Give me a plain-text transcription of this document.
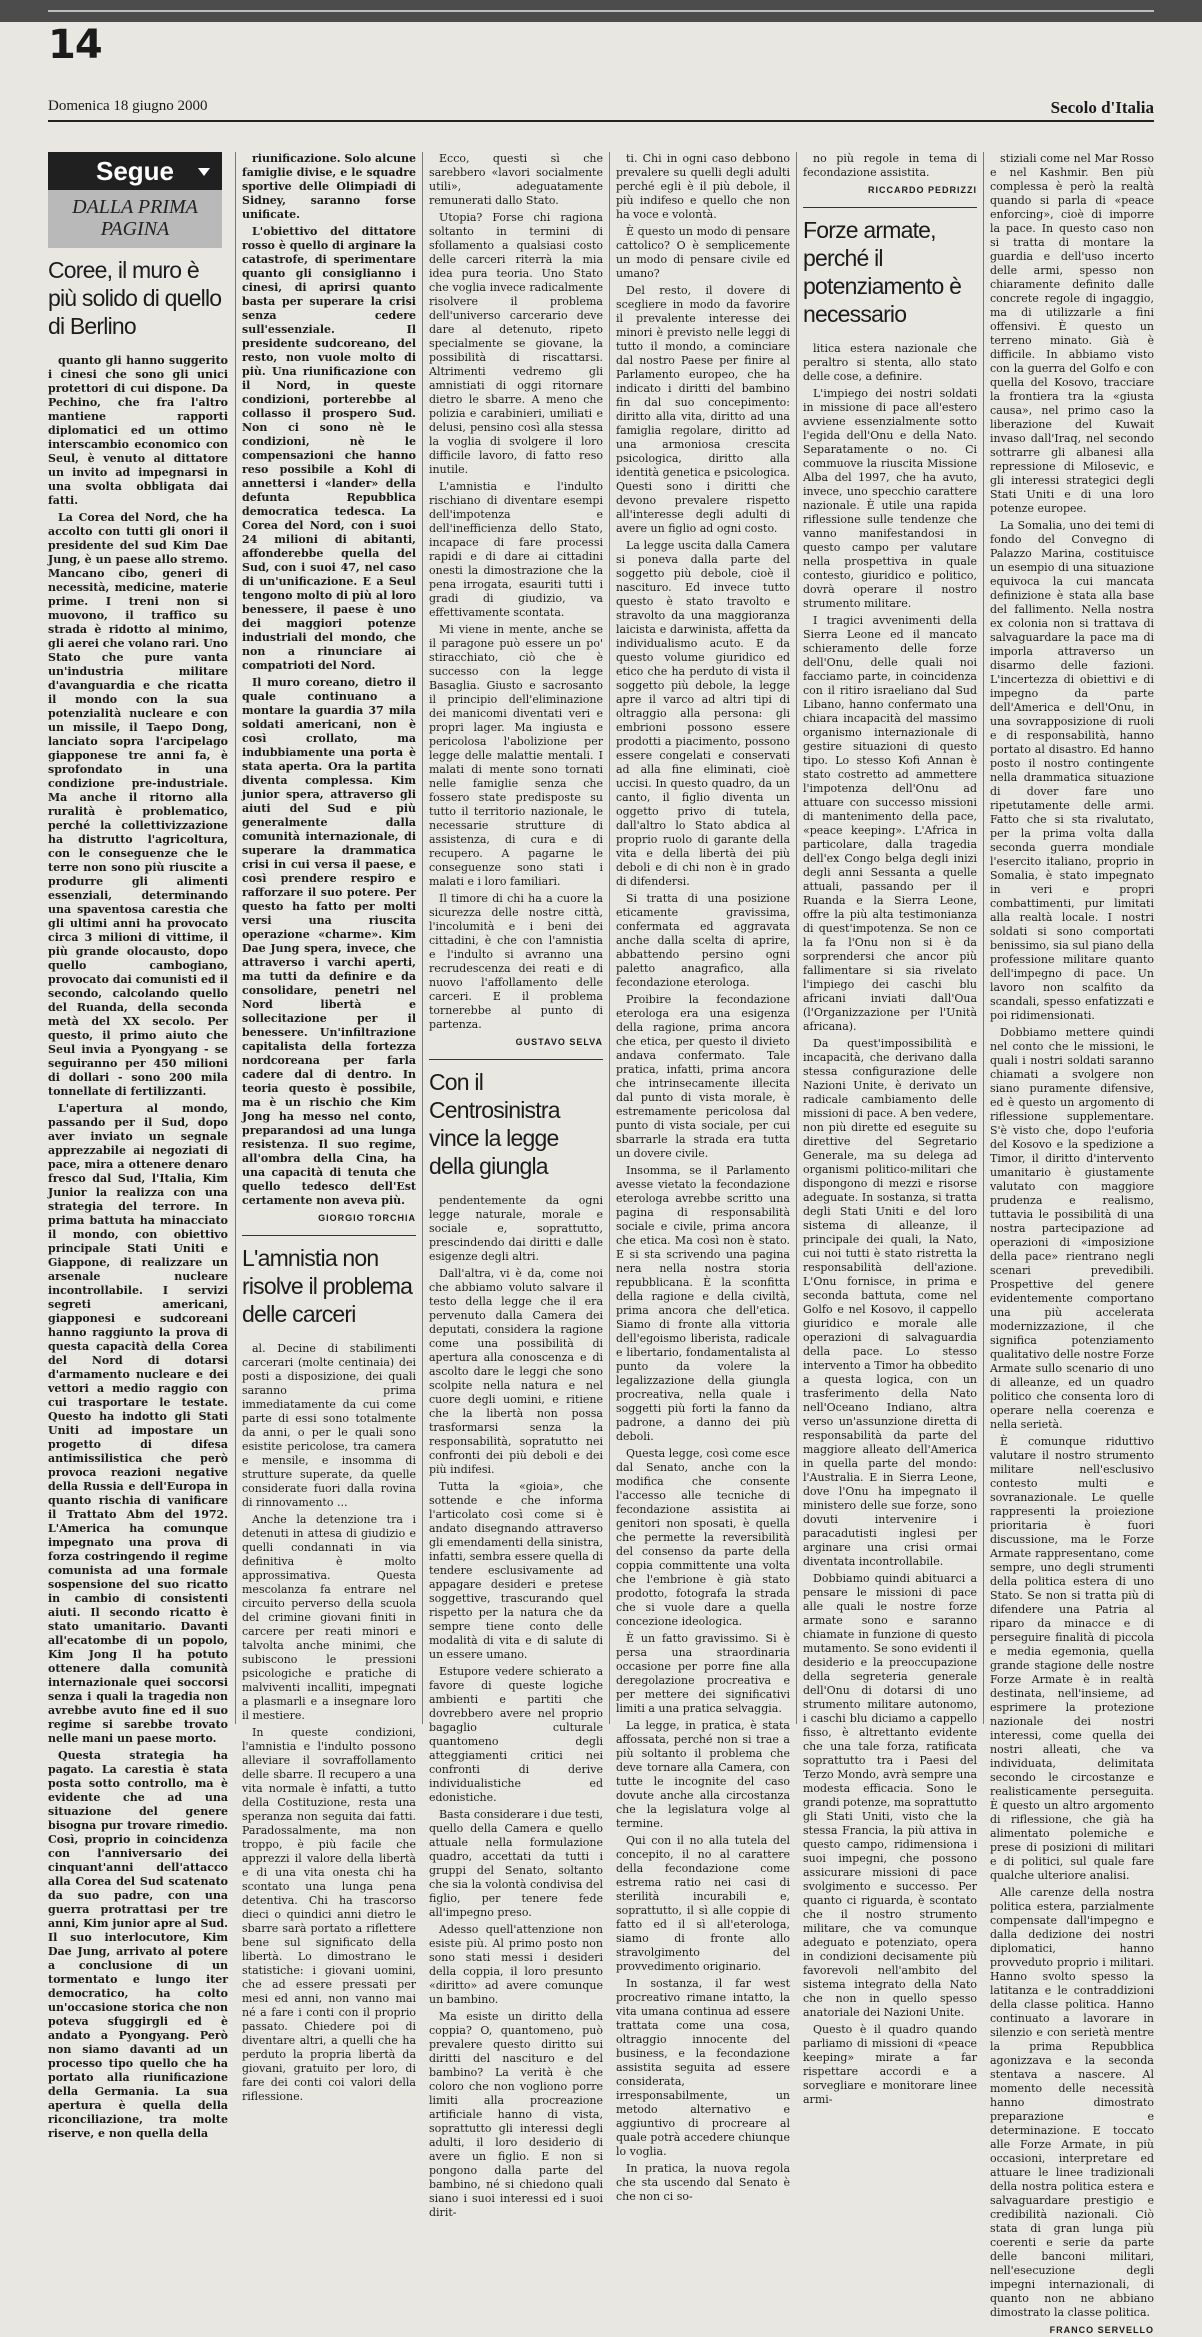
14
Domenica 18 giugno 2000	Secolo d'Italia
Segue
DALLA PRIMA PAGINA
Coree, il muro è più solido di quello di Berlino

quanto gli hanno suggerito i cinesi che sono gli unici protettori di cui dispone. Da Pechino, che fra l'altro mantiene rapporti diplomatici ed un ottimo interscambio economico con Seul, è venuto al dittatore un invito ad impegnarsi in una svolta obbligata dai fatti.

La Corea del Nord, che ha accolto con tutti gli onori il presidente del sud Kim Dae Jung, è un paese allo stremo. Mancano cibo, generi di necessità, medicine, materie prime. I treni non si muovono, il traffico su strada è ridotto al minimo, gli aerei che volano rari. Uno Stato che pure vanta un'industria militare d'avanguardia e che ricatta il mondo con la sua potenzialità nucleare e con un missile, il Taepo Dong, lanciato sopra l'arcipelago giapponese tre anni fa, è sprofondato in una condizione pre-industriale. Ma anche il ritorno alla ruralità è problematico, perché la collettivizzazione ha distrutto l'agricoltura, con le conseguenze che le terre non sono più riuscite a produrre gli alimenti essenziali, determinando una spaventosa carestia che gli ultimi anni ha provocato circa 3 milioni di vittime, il più grande olocausto, dopo quello cambogiano, provocato dai comunisti ed il secondo, calcolando quello del Ruanda, della seconda metà del XX secolo. Per questo, il primo aiuto che Seul invia a Pyongyang - se seguiranno per 450 milioni di dollari - sono 200 mila tonnellate di fertilizzanti.

L'apertura al mondo, passando per il Sud, dopo aver inviato un segnale apprezzabile ai negoziati di pace, mira a ottenere denaro fresco dal Sud, l'Italia, Kim Junior la realizza con una strategia del terrore. In prima battuta ha minacciato il mondo, con obiettivo principale Stati Uniti e Giappone, di realizzare un arsenale nucleare incontrollabile. I servizi segreti americani, giapponesi e sudcoreani hanno raggiunto la prova di questa capacità della Corea del Nord di dotarsi d'armamento nucleare e dei vettori a medio raggio con cui trasportare le testate. Questo ha indotto gli Stati Uniti ad impostare un progetto di difesa antimissilistica che però provoca reazioni negative della Russia e dell'Europa in quanto rischia di vanificare il Trattato Abm del 1972. L'America ha comunque impegnato una prova di forza costringendo il regime comunista ad una formale sospensione del suo ricatto in cambio di consistenti aiuti. Il secondo ricatto è stato umanitario. Davanti all'ecatombe di un popolo, Kim Jong Il ha potuto ottenere dalla comunità internazionale quei soccorsi senza i quali la tragedia non avrebbe avuto fine ed il suo regime si sarebbe trovato nelle mani un paese morto.

Questa strategia ha pagato. La carestia è stata posta sotto controllo, ma è evidente che ad una situazione del genere bisogna pur trovare rimedio. Così, proprio in coincidenza con l'anniversario dei cinquant'anni dell'attacco alla Corea del Sud scatenato da suo padre, con una guerra protrattasi per tre anni, Kim junior apre al Sud. Il suo interlocutore, Kim Dae Jung, arrivato al potere a conclusione di un tormentato e lungo iter democratico, ha colto un'occasione storica che non poteva sfuggirgli ed è andato a Pyongyang. Però non siamo davanti ad un processo tipo quello che ha portato alla riunificazione della Germania. La sua apertura è quella della riconciliazione, tra molte riserve, e non quella della

riunificazione. Solo alcune famiglie divise, e le squadre sportive delle Olimpiadi di Sidney, saranno forse unificate.

L'obiettivo del dittatore rosso è quello di arginare la catastrofe, di sperimentare quanto gli consiglianno i cinesi, di aprirsi quanto basta per superare la crisi senza cedere sull'essenziale. Il presidente sudcoreano, del resto, non vuole molto di più. Una riunificazione con il Nord, in queste condizioni, porterebbe al collasso il prospero Sud. Non ci sono nè le condizioni, nè le compensazioni che hanno reso possibile a Kohl di annettersi i «lander» della defunta Repubblica democratica tedesca. La Corea del Nord, con i suoi 24 milioni di abitanti, affonderebbe quella del Sud, con i suoi 47, nel caso di un'unificazione. E a Seul tengono molto di più al loro benessere, il paese è uno dei maggiori potenze industriali del mondo, che non a rinunciare ai compatrioti del Nord.

Il muro coreano, dietro il quale continuano a montare la guardia 37 mila soldati americani, non è così crollato, ma indubbiamente una porta è stata aperta. Ora la partita diventa complessa. Kim junior spera, attraverso gli aiuti del Sud e più generalmente dalla comunità internazionale, di superare la drammatica crisi in cui versa il paese, e così prendere respiro e rafforzare il suo potere. Per questo ha fatto per molti versi una riuscita operazione «charme». Kim Dae Jung spera, invece, che attraverso i varchi aperti, ma tutti da definire e da consolidare, penetri nel Nord libertà e sollecitazione per il benessere. Un'infiltrazione capitalista della fortezza nordcoreana per farla cadere dal di dentro. In teoria questo è possibile, ma è un rischio che Kim Jong ha messo nel conto, preparandosi ad una lunga resistenza. Il suo regime, all'ombra della Cina, ha una capacità di tenuta che quello tedesco dell'Est certamente non aveva più.

GIORGIO TORCHIA
L'amnistia non risolve il problema delle carceri

al. Decine di stabilimenti carcerari (molte centinaia) dei posti a disposizione, dei quali saranno prima immediatamente da cui come parte di essi sono totalmente da anni, o per le quali sono esistite pericolose, tra camera e mensile, e insomma di strutture superate, da quelle considerate fuori dalla rovina di rinnovamento ...

Anche la detenzione tra i detenuti in attesa di giudizio e quelli condannati in via definitiva è molto approssimativa. Questa mescolanza fa entrare nel circuito perverso della scuola del crimine giovani finiti in carcere per reati minori e talvolta anche minimi, che subiscono le pressioni psicologiche e pratiche di malviventi incalliti, impegnati a plasmarli e a insegnare loro il mestiere.

In queste condizioni, l'amnistia e l'indulto possono alleviare il sovraffollamento delle sbarre. Il recupero a una vita normale è infatti, a tutto della Costituzione, resta una speranza non seguita dai fatti. Paradossalmente, ma non troppo, è più facile che apprezzi il valore della libertà e di una vita onesta chi ha scontato una lunga pena detentiva. Chi ha trascorso dieci o quindici anni dietro le sbarre sarà portato a riflettere bene sul significato della libertà. Lo dimostrano le statistiche: i giovani uomini, che ad essere pressati per mesi ed anni, non vanno mai né a fare i conti con il proprio passato. Chiedere poi di diventare altri, a quelli che ha perduto la propria libertà da giovani, gratuito per loro, di fare dei conti coi valori della riflessione.

Ecco, questi sì che sarebbero «lavori socialmente utili», adeguatamente remunerati dallo Stato.

Utopia? Forse chi ragiona soltanto in termini di sfollamento a qualsiasi costo delle carceri riterrà la mia idea pura teoria. Uno Stato che voglia invece radicalmente risolvere il problema dell'universo carcerario deve dare al detenuto, ripeto specialmente se giovane, la possibilità di riscattarsi. Altrimenti vedremo gli amnistiati di oggi ritornare dietro le sbarre. A meno che polizia e carabinieri, umiliati e delusi, pensino così alla stessa la voglia di svolgere il loro difficile lavoro, di fatto reso inutile.

L'amnistia e l'indulto rischiano di diventare esempi dell'impotenza e dell'inefficienza dello Stato, incapace di fare processi rapidi e di dare ai cittadini onesti la dimostrazione che la pena irrogata, esauriti tutti i gradi di giudizio, va effettivamente scontata.

Mi viene in mente, anche se il paragone può essere un po' stiracchiato, ciò che è successo con la legge Basaglia. Giusto e sacrosanto il principio dell'eliminazione dei manicomi diventati veri e propri lager. Ma ingiusta e pericolosa l'abolizione per legge delle malattie mentali. I malati di mente sono tornati nelle famiglie senza che fossero state predisposte su tutto il territorio nazionale, le necessarie strutture di assistenza, di cura e di recupero. A pagarne le conseguenze sono stati i malati e i loro familiari.

Il timore di chi ha a cuore la sicurezza delle nostre città, l'incolumità e i beni dei cittadini, è che con l'amnistia e l'indulto si avranno una recrudescenza dei reati e di nuovo l'affollamento delle carceri. E il problema tornerebbe al punto di partenza.

GUSTAVO SELVA
Con il Centrosinistra vince la legge della giungla

pendentemente da ogni legge naturale, morale e sociale e, soprattutto, prescindendo dai diritti e dalle esigenze degli altri.

Dall'altra, vi è da, come noi che abbiamo voluto salvare il testo della legge che il era pervenuto dalla Camera dei deputati, considera la ragione come una possibilità di apertura alla conoscenza e di ascolto dare le leggi che sono scolpite nella natura e nel cuore degli uomini, e ritiene che la libertà non possa trasformarsi senza la responsabilità, sopratutto nei confronti dei più deboli e dei più indifesi.

Tutta la «gioia», che sottende e che informa l'articolato così come si è andato disegnando attraverso gli emendamenti della sinistra, infatti, sembra essere quella di tendere esclusivamente ad appagare desideri e pretese soggettive, trascurando quel rispetto per la natura che da sempre tiene conto delle modalità di vita e di salute di un essere umano.

Estupore vedere schierato a favore di queste logiche ambienti e partiti che dovrebbero avere nel proprio bagaglio culturale quantomeno degli atteggiamenti critici nei confronti di derive individualistiche ed edonistiche.

Basta considerare i due testi, quello della Camera e quello attuale nella formulazione quadro, accettati da tutti i gruppi del Senato, soltanto che sia la volontà condivisa del figlio, per tenere fede all'impegno preso.

Adesso quell'attenzione non esiste più. Al primo posto non sono stati messi i desideri della coppia, il loro presunto «diritto» ad avere comunque un bambino.

Ma esiste un diritto della coppia? O, quantomeno, può prevalere questo diritto sui diritti del nascituro e del bambino? La verità è che coloro che non vogliono porre limiti alla procreazione artificiale hanno di vista, soprattutto gli interessi degli adulti, il loro desiderio di avere un figlio. E non si pongono dalla parte del bambino, né si chiedono quali siano i suoi interessi ed i suoi dirit-

ti. Chi in ogni caso debbono prevalere su quelli degli adulti perché egli è il più debole, il più indifeso e quello che non ha voce e volontà.

È questo un modo di pensare cattolico? O è semplicemente un modo di pensare civile ed umano?

Del resto, il dovere di scegliere in modo da favorire il prevalente interesse dei minori è previsto nelle leggi di tutto il mondo, a cominciare dal nostro Paese per finire al Parlamento europeo, che ha indicato i diritti del bambino fin dal suo concepimento: diritto alla vita, diritto ad una famiglia regolare, diritto ad una armoniosa crescita psicologica, diritto alla identità genetica e psicologica. Questi sono i diritti che devono prevalere rispetto all'interesse degli adulti di avere un figlio ad ogni costo.

La legge uscita dalla Camera si poneva dalla parte del soggetto più debole, cioè il nascituro. Ed invece tutto questo è stato travolto e stravolto da una maggioranza laicista e darwinista, affetta da individualismo acuto. E da questo volume giuridico ed etico che ha perduto di vista il soggetto più debole, la legge apre il varco ad altri tipi di oltraggio alla persona: gli embrioni possono essere prodotti a piacimento, possono essere congelati e conservati ad alla fine eliminati, cioè uccisi. In questo quadro, da un canto, il figlio diventa un oggetto privo di tutela, dall'altro lo Stato abdica al proprio ruolo di garante della vita e della libertà dei più deboli e di chi non è in grado di difendersi.

Si tratta di una posizione eticamente gravissima, confermata ed aggravata anche dalla scelta di aprire, abbattendo persino ogni paletto anagrafico, alla fecondazione eterologa.

Proibire la fecondazione eterologa era una esigenza della ragione, prima ancora che etica, per questo il divieto andava confermato. Tale pratica, infatti, prima ancora che intrinsecamente illecita dal punto di vista morale, è estremamente pericolosa dal punto di vista sociale, per cui sbarrarle la strada era tutta un dovere civile.

Insomma, se il Parlamento avesse vietato la fecondazione eterologa avrebbe scritto una pagina di responsabilità sociale e civile, prima ancora che etica. Ma così non è stato. E si sta scrivendo una pagina nera nella nostra storia repubblicana. È la sconfitta della ragione e della civiltà, prima ancora che dell'etica. Siamo di fronte alla vittoria dell'egoismo liberista, radicale e libertario, fondamentalista al punto da volere la legalizzazione della giungla procreativa, nella quale i soggetti più forti la fanno da padrone, a danno dei più deboli.

Questa legge, così come esce dal Senato, anche con la modifica che consente l'accesso alle tecniche di fecondazione assistita ai genitori non sposati, è quella che permette la reversibilità del consenso da parte della coppia committente una volta che l'embrione è già stato prodotto, fotografa la strada che si vuole dare a quella concezione ideologica.

È un fatto gravissimo. Si è persa una straordinaria occasione per porre fine alla deregolazione procreativa e per mettere dei significativi limiti a una pratica selvaggia.

La legge, in pratica, è stata affossata, perché non si trae a più soltanto il problema che deve tornare alla Camera, con tutte le incognite del caso dovute anche alla circostanza che la legislatura volge al termine.

Qui con il no alla tutela del concepito, il no al carattere della fecondazione come estrema ratio nei casi di sterilità incurabili e, soprattutto, il sì alle coppie di fatto ed il sì all'eterologa, siamo di fronte allo stravolgimento del provvedimento originario.

In sostanza, il far west procreativo rimane intatto, la vita umana continua ad essere trattata come una cosa, oltraggio innocente del business, e la fecondazione assistita seguita ad essere considerata, irresponsabilmente, un metodo alternativo e aggiuntivo di procreare al quale potrà accedere chiunque lo voglia.

In pratica, la nuova regola che sta uscendo dal Senato è che non ci so-

no più regole in tema di fecondazione assistita.

RICCARDO PEDRIZZI
Forze armate, perché il potenziamento è necessario

litica estera nazionale che peraltro si stenta, allo stato delle cose, a definire.

L'impiego dei nostri soldati in missione di pace all'estero avviene essenzialmente sotto l'egida dell'Onu e della Nato. Separatamente o no. Ci commuove la riuscita Missione Alba del 1997, che ha avuto, invece, uno specchio carattere nazionale. È utile una rapida riflessione sulle tendenze che vanno manifestandosi in questo campo per valutare nella prospettiva in quale contesto, giuridico e politico, dovrà operare il nostro strumento militare.

I tragici avvenimenti della Sierra Leone ed il mancato schieramento delle forze dell'Onu, delle quali noi facciamo parte, in coincidenza con il ritiro israeliano dal Sud Libano, hanno confermato una chiara incapacità del massimo organismo internazionale di gestire situazioni di questo tipo. Lo stesso Kofi Annan è stato costretto ad ammettere l'impotenza dell'Onu ad attuare con successo missioni di mantenimento della pace, «peace keeping». L'Africa in particolare, dalla tragedia dell'ex Congo belga degli inizi degli anni Sessanta a quelle attuali, passando per il Ruanda e la Sierra Leone, offre la più alta testimonianza di quest'impotenza. Se non ce la fa l'Onu non si è da sorprendersi che ancor più fallimentare si sia rivelato l'impiego dei caschi blu africani inviati dall'Oua (l'Organizzazione per l'Unità africana).

Da quest'impossibilità e incapacità, che derivano dalla stessa configurazione delle Nazioni Unite, è derivato un radicale cambiamento delle missioni di pace. A ben vedere, non più dirette ed eseguite su direttive del Segretario Generale, ma su delega ad organismi politico-militari che dispongono di mezzi e risorse adeguate. In sostanza, si tratta degli Stati Uniti e del loro sistema di alleanze, il principale dei quali, la Nato, cui noi tutti è stato ristretta la responsabilità dell'azione. L'Onu fornisce, in prima e seconda battuta, come nel Golfo e nel Kosovo, il cappello giuridico e morale alle operazioni di salvaguardia della pace. Lo stesso intervento a Timor ha obbedito a questa logica, con un trasferimento della Nato nell'Oceano Indiano, altra verso un'assunzione diretta di responsabilità da parte del maggiore alleato dell'America in quella parte del mondo: l'Australia. E in Sierra Leone, dove l'Onu ha impegnato il ministero delle sue forze, sono dovuti intervenire i paracadutisti inglesi per arginare una crisi ormai diventata incontrollabile.

Dobbiamo quindi abituarci a pensare le missioni di pace alle quali le nostre forze armate sono e saranno chiamate in funzione di questo mutamento. Se sono evidenti il desiderio e la preoccupazione della segreteria generale dell'Onu di dotarsi di uno strumento militare autonomo, i caschi blu diciamo a cappello fisso, è altrettanto evidente che una tale forza, ratificata soprattutto tra i Paesi del Terzo Mondo, avrà sempre una modesta efficacia. Sono le grandi potenze, ma soprattutto gli Stati Uniti, visto che la stessa Francia, la più attiva in questo campo, ridimensiona i suoi impegni, che possono assicurare missioni di pace svolgimento e successo. Per quanto ci riguarda, è scontato che il nostro strumento militare, che va comunque adeguato e potenziato, opera in condizioni decisamente più favorevoli nell'ambito del sistema integrato della Nato che non in quello spesso anatoriale dei Nazioni Unite.

Questo è il quadro quando parliamo di missioni di «peace keeping» mirate a far rispettare accordi e a sorvegliare e monitorare linee armi-

stiziali come nel Mar Rosso e nel Kashmir. Ben più complessa è però la realtà quando si parla di «peace enforcing», cioè di imporre la pace. In questo caso non si tratta di montare la guardia e dell'uso incerto delle armi, spesso non chiaramente definito dalle concrete regole di ingaggio, ma di utilizzarle a fini offensivi. È questo un terreno minato. Già è difficile. In abbiamo visto con la guerra del Golfo e con quella del Kosovo, tracciare la frontiera tra la «giusta causa», nel primo caso la liberazione del Kuwait invaso dall'Iraq, nel secondo sottrarre gli albanesi alla repressione di Milosevic, e gli interessi strategici degli Stati Uniti e di una loro potenze europee.

La Somalia, uno dei temi di fondo del Convegno di Palazzo Marina, costituisce un esempio di una situazione equivoca la cui mancata definizione è stata alla base del fallimento. Nella nostra ex colonia non si trattava di salvaguardare la pace ma di imporla attraverso un disarmo delle fazioni. L'incertezza di obiettivi e di impegno da parte dell'America e dell'Onu, in una sovrapposizione di ruoli e di responsabilità, hanno portato al disastro. Ed hanno posto il nostro contingente nella drammatica situazione di dover fare uno ripetutamente delle armi. Fatto che si sta rivalutato, per la prima volta dalla seconda guerra mondiale l'esercito italiano, proprio in Somalia, è stato impegnato in veri e propri combattimenti, pur limitati alla realtà locale. I nostri soldati si sono comportati benissimo, sia sul piano della professione militare quanto dell'impegno di pace. Un lavoro non scalfito da scandali, spesso enfatizzati e poi ridimensionati.

Dobbiamo mettere quindi nel conto che le missioni, le quali i nostri soldati saranno chiamati a svolgere non siano puramente difensive, ed è questo un argomento di riflessione supplementare. S'è visto che, dopo l'euforia del Kosovo e la spedizione a Timor, il diritto d'intervento umanitario è giustamente valutato con maggiore prudenza e realismo, tuttavia le possibilità di una nostra partecipazione ad operazioni di «imposizione della pace» rientrano negli scenari prevedibili. Prospettive del genere evidentemente comportano una più accelerata modernizzazione, il che significa potenziamento qualitativo delle nostre Forze Armate sullo scenario di uno di alleanze, ed un quadro politico che consenta loro di operare nella coerenza e nella serietà.

È comunque riduttivo valutare il nostro strumento militare nell'esclusivo contesto multi e sovranazionale. Le quelle rappresenti la proiezione prioritaria è fuori discussione, ma le Forze Armate rappresentano, come sempre, uno degli strumenti della politica estera di uno Stato. Se non si tratta più di difendere una Patria al riparo da minacce e di perseguire finalità di piccola e media egemonia, quella grande stagione delle nostre Forze Armate è in realtà destinata, nell'insieme, ad esprimere la protezione nazionale dei nostri interessi, come quella dei nostri alleati, che va individuata, delimitata secondo le circostanze e realisticamente perseguita. È questo un altro argomento di riflessione, che già ha alimentato polemiche e prese di posizioni di militari e di politici, sul quale fare qualche ulteriore analisi.

Alle carenze della nostra politica estera, parzialmente compensate dall'impegno e dalla dedizione dei nostri diplomatici, hanno provveduto proprio i militari. Hanno svolto spesso la latitanza e le contraddizioni della classe politica. Hanno continuato a lavorare in silenzio e con serietà mentre la prima Repubblica agonizzava e la seconda stentava a nascere. Al momento delle necessità hanno dimostrato preparazione e determinazione. E toccato alle Forze Armate, in più occasioni, interpretare ed attuare le linee tradizionali della nostra politica estera e salvaguardare prestigio e credibilità nazionali. Ciò stata di gran lunga più coerenti e serie da parte delle banconi militari, nell'esecuzione degli impegni internazionali, di quanto non ne abbiano dimostrato la classe politica.

FRANCO SERVELLO
